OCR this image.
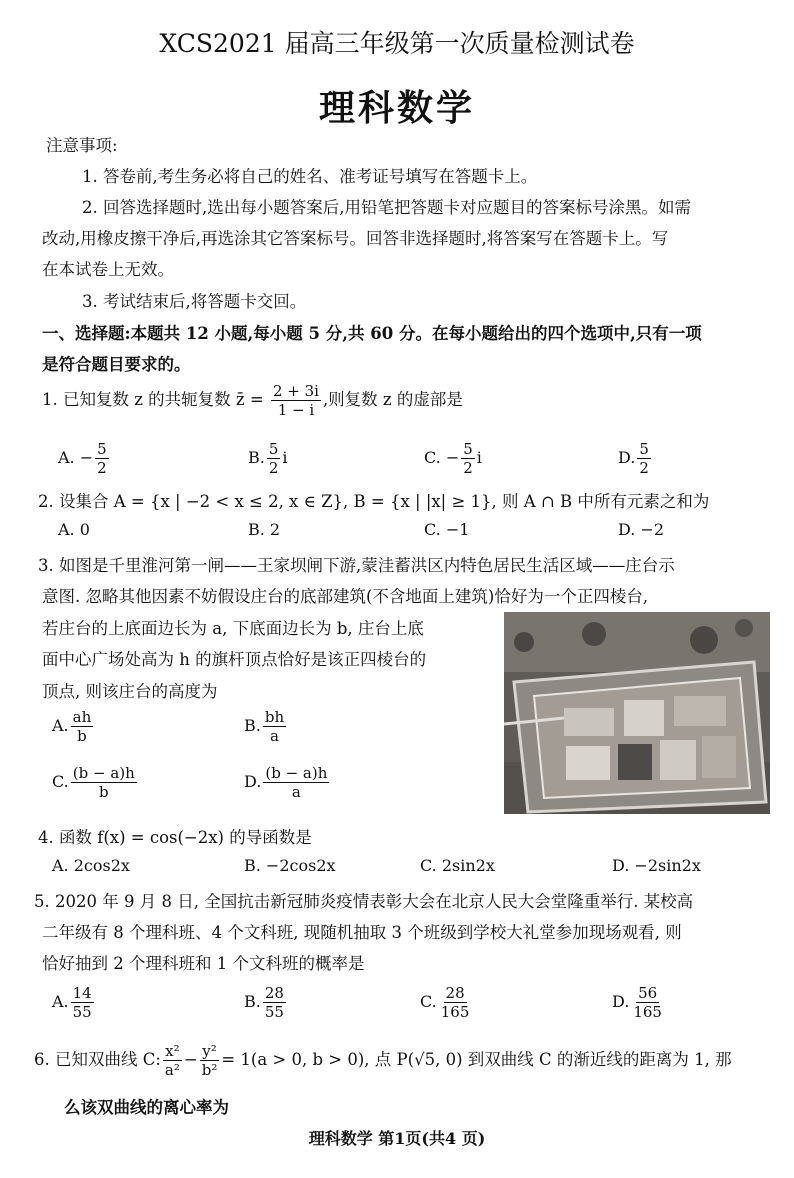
XCS2021 届高三年级第一次质量检测试卷
理科数学
注意事项:
1. 答卷前,考生务必将自己的姓名、准考证号填写在答题卡上。
2. 回答选择题时,选出每小题答案后,用铅笔把答题卡对应题目的答案标号涂黑。如需
改动,用橡皮擦干净后,再选涂其它答案标号。回答非选择题时,将答案写在答题卡上。写
在本试卷上无效。
3. 考试结束后,将答题卡交回。
一、选择题:本题共 12 小题,每小题 5 分,共 60 分。在每小题给出的四个选项中,只有一项
是符合题目要求的。
1. 已知复数 z 的共轭复数 z̄ = $\frac{2 + 3i}{1 - i}$ ,则复数 z 的虚部是
A. − $\frac{5}{2}$	B. $\frac{5}{2}$ i	C. − $\frac{5}{2}$ i	D. $\frac{5}{2}$
2. 设集合 A = {x | −2 < x ≤ 2, x ∈ Z}, B = {x | |x| ≥ 1}, 则 A ∩ B 中所有元素之和为
A. 0	B. 2	C. −1	D. −2
3. 如图是千里淮河第一闸——王家坝闸下游,蒙洼蓄洪区内特色居民生活区域——庄台示
意图. 忽略其他因素不妨假设庄台的底部建筑(不含地面上建筑)恰好为一个正四棱台,
若庄台的上底面边长为 a, 下底面边长为 b, 庄台上底
面中心广场处高为 h 的旗杆顶点恰好是该正四棱台的
顶点, 则该庄台的高度为
A. $\frac{ah}{b}$	B. $\frac{bh}{a}$
C. $\frac{(b - a)h}{b}$	D. $\frac{(b - a)h}{a}$
4. 函数 f(x) = cos(−2x) 的导函数是
A. 2cos2x	B. −2cos2x	C. 2sin2x	D. −2sin2x
5. 2020 年 9 月 8 日, 全国抗击新冠肺炎疫情表彰大会在北京人民大会堂隆重举行. 某校高
二年级有 8 个理科班、4 个文科班, 现随机抽取 3 个班级到学校大礼堂参加现场观看, 则
恰好抽到 2 个理科班和 1 个文科班的概率是
A. $\frac{14}{55}$	B. $\frac{28}{55}$	C. $\frac{28}{165}$	D. $\frac{56}{165}$
6. 已知双曲线 C: $\frac{\text{x²}}{\text{a²}} - \frac{\text{y²}}{\text{b²}} = 1(a > 0$, b > 0), 点 P(√5, 0) 到双曲线 C 的渐近线的距离为 1, 那
么该双曲线的离心率为
理科数学 第1页(共4 页)
